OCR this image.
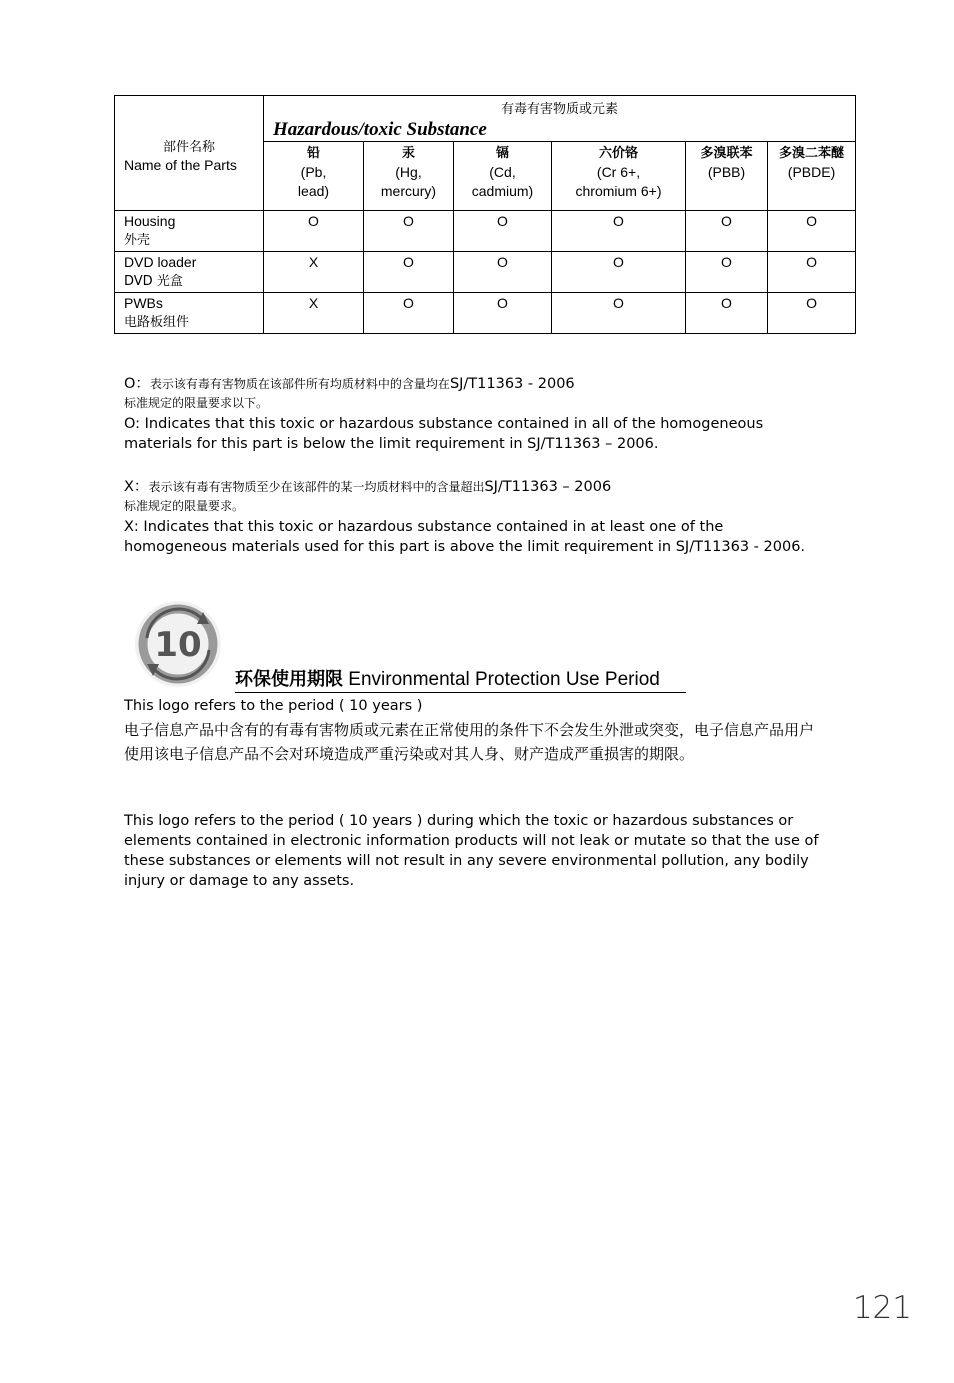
部件名称
Name of the Parts	有毒有害物质或元素
Hazardous/toxic Substance					

	铅
(Pb,
lead)	汞
(Hg,
mercury)	镉
(Cd,
cadmium)	六价铬
(Cr 6+,
chromium 6+)	多溴联苯
(PBB)	多溴二苯醚
(PBDE)

Housing
外壳	O	O	O	O	O	O
DVD loader
DVD 光盒	X	O	O	O	O	O
PWBs
电路板组件	X	O	O	O	O	O
O：表示该有毒有害物质在该部件所有均质材料中的含量均在SJ/T11363 - 2006
标准规定的限量要求以下。
O: Indicates that this toxic or hazardous substance contained in all of the homogeneous materials for this part is below the limit requirement in SJ/T11363 – 2006.
X：表示该有毒有害物质至少在该部件的某一均质材料中的含量超出SJ/T11363 – 2006
标准规定的限量要求。
X: Indicates that this toxic or hazardous substance contained in at least one of the homogeneous materials used for this part is above the limit requirement in SJ/T11363 - 2006.
10
环保使用期限 Environmental Protection Use Period
This logo refers to the period ( 10 years )
电子信息产品中含有的有毒有害物质或元素在正常使用的条件下不会发生外泄或突变，电子信息产品用户使用该电子信息产品不会对环境造成严重污染或对其人身、财产造成严重损害的期限。
This logo refers to the period ( 10 years ) during which the toxic or hazardous substances or elements contained in electronic information products will not leak or mutate so that the use of these substances or elements will not result in any severe environmental pollution, any bodily injury or damage to any assets.
121
